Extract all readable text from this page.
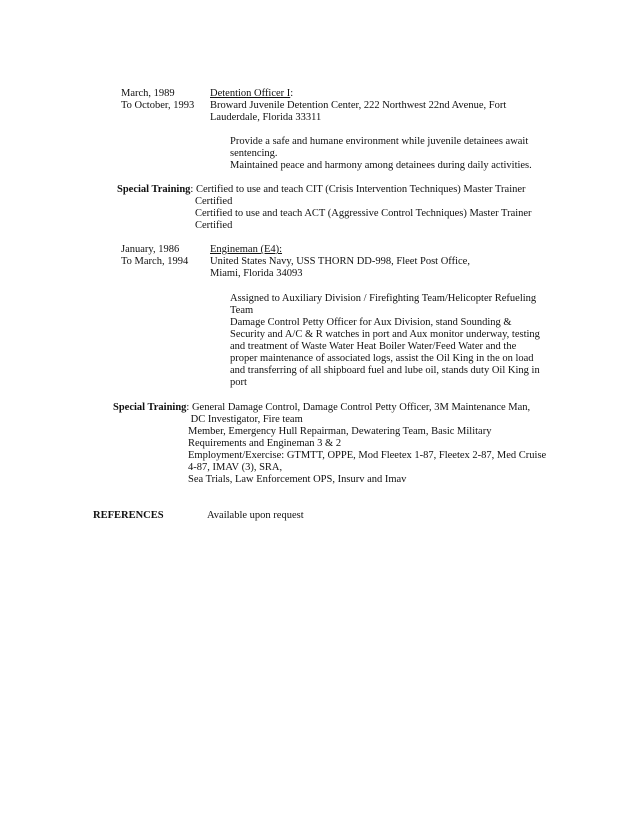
March, 1989
To October, 1993
Detention Officer I:
Broward Juvenile Detention Center, 222 Northwest 22nd Avenue, Fort
Lauderdale, Florida 33311
Provide a safe and humane environment while juvenile detainees await
sentencing.
Maintained peace and harmony among detainees during daily activities.
Special Training: Certified to use and teach CIT (Crisis Intervention Techniques) Master Trainer
Certified
Certified to use and teach ACT (Aggressive Control Techniques) Master Trainer
Certified
January, 1986
To March, 1994
Engineman (E4):
United States Navy, USS THORN DD-998, Fleet Post Office,
Miami, Florida 34093
Assigned to Auxiliary Division / Firefighting Team/Helicopter Refueling
Team
Damage Control Petty Officer for Aux Division, stand Sounding &
Security and A/C & R watches in port and Aux monitor underway, testing
and treatment of Waste Water Heat Boiler Water/Feed Water and the
proper maintenance of associated logs, assist the Oil King in the on load
and transferring of all shipboard fuel and lube oil, stands duty Oil King in
port
Special Training: General Damage Control, Damage Control Petty Officer, 3M Maintenance Man,
DC Investigator, Fire team
Member, Emergency Hull Repairman, Dewatering Team, Basic Military
Requirements and Engineman 3 & 2
Employment/Exercise: GTMTT, OPPE, Mod Fleetex 1-87, Fleetex 2-87, Med Cruise
4-87, IMAV (3), SRA,
Sea Trials, Law Enforcement OPS, Insurv and Imav
REFERENCES	Available upon request
